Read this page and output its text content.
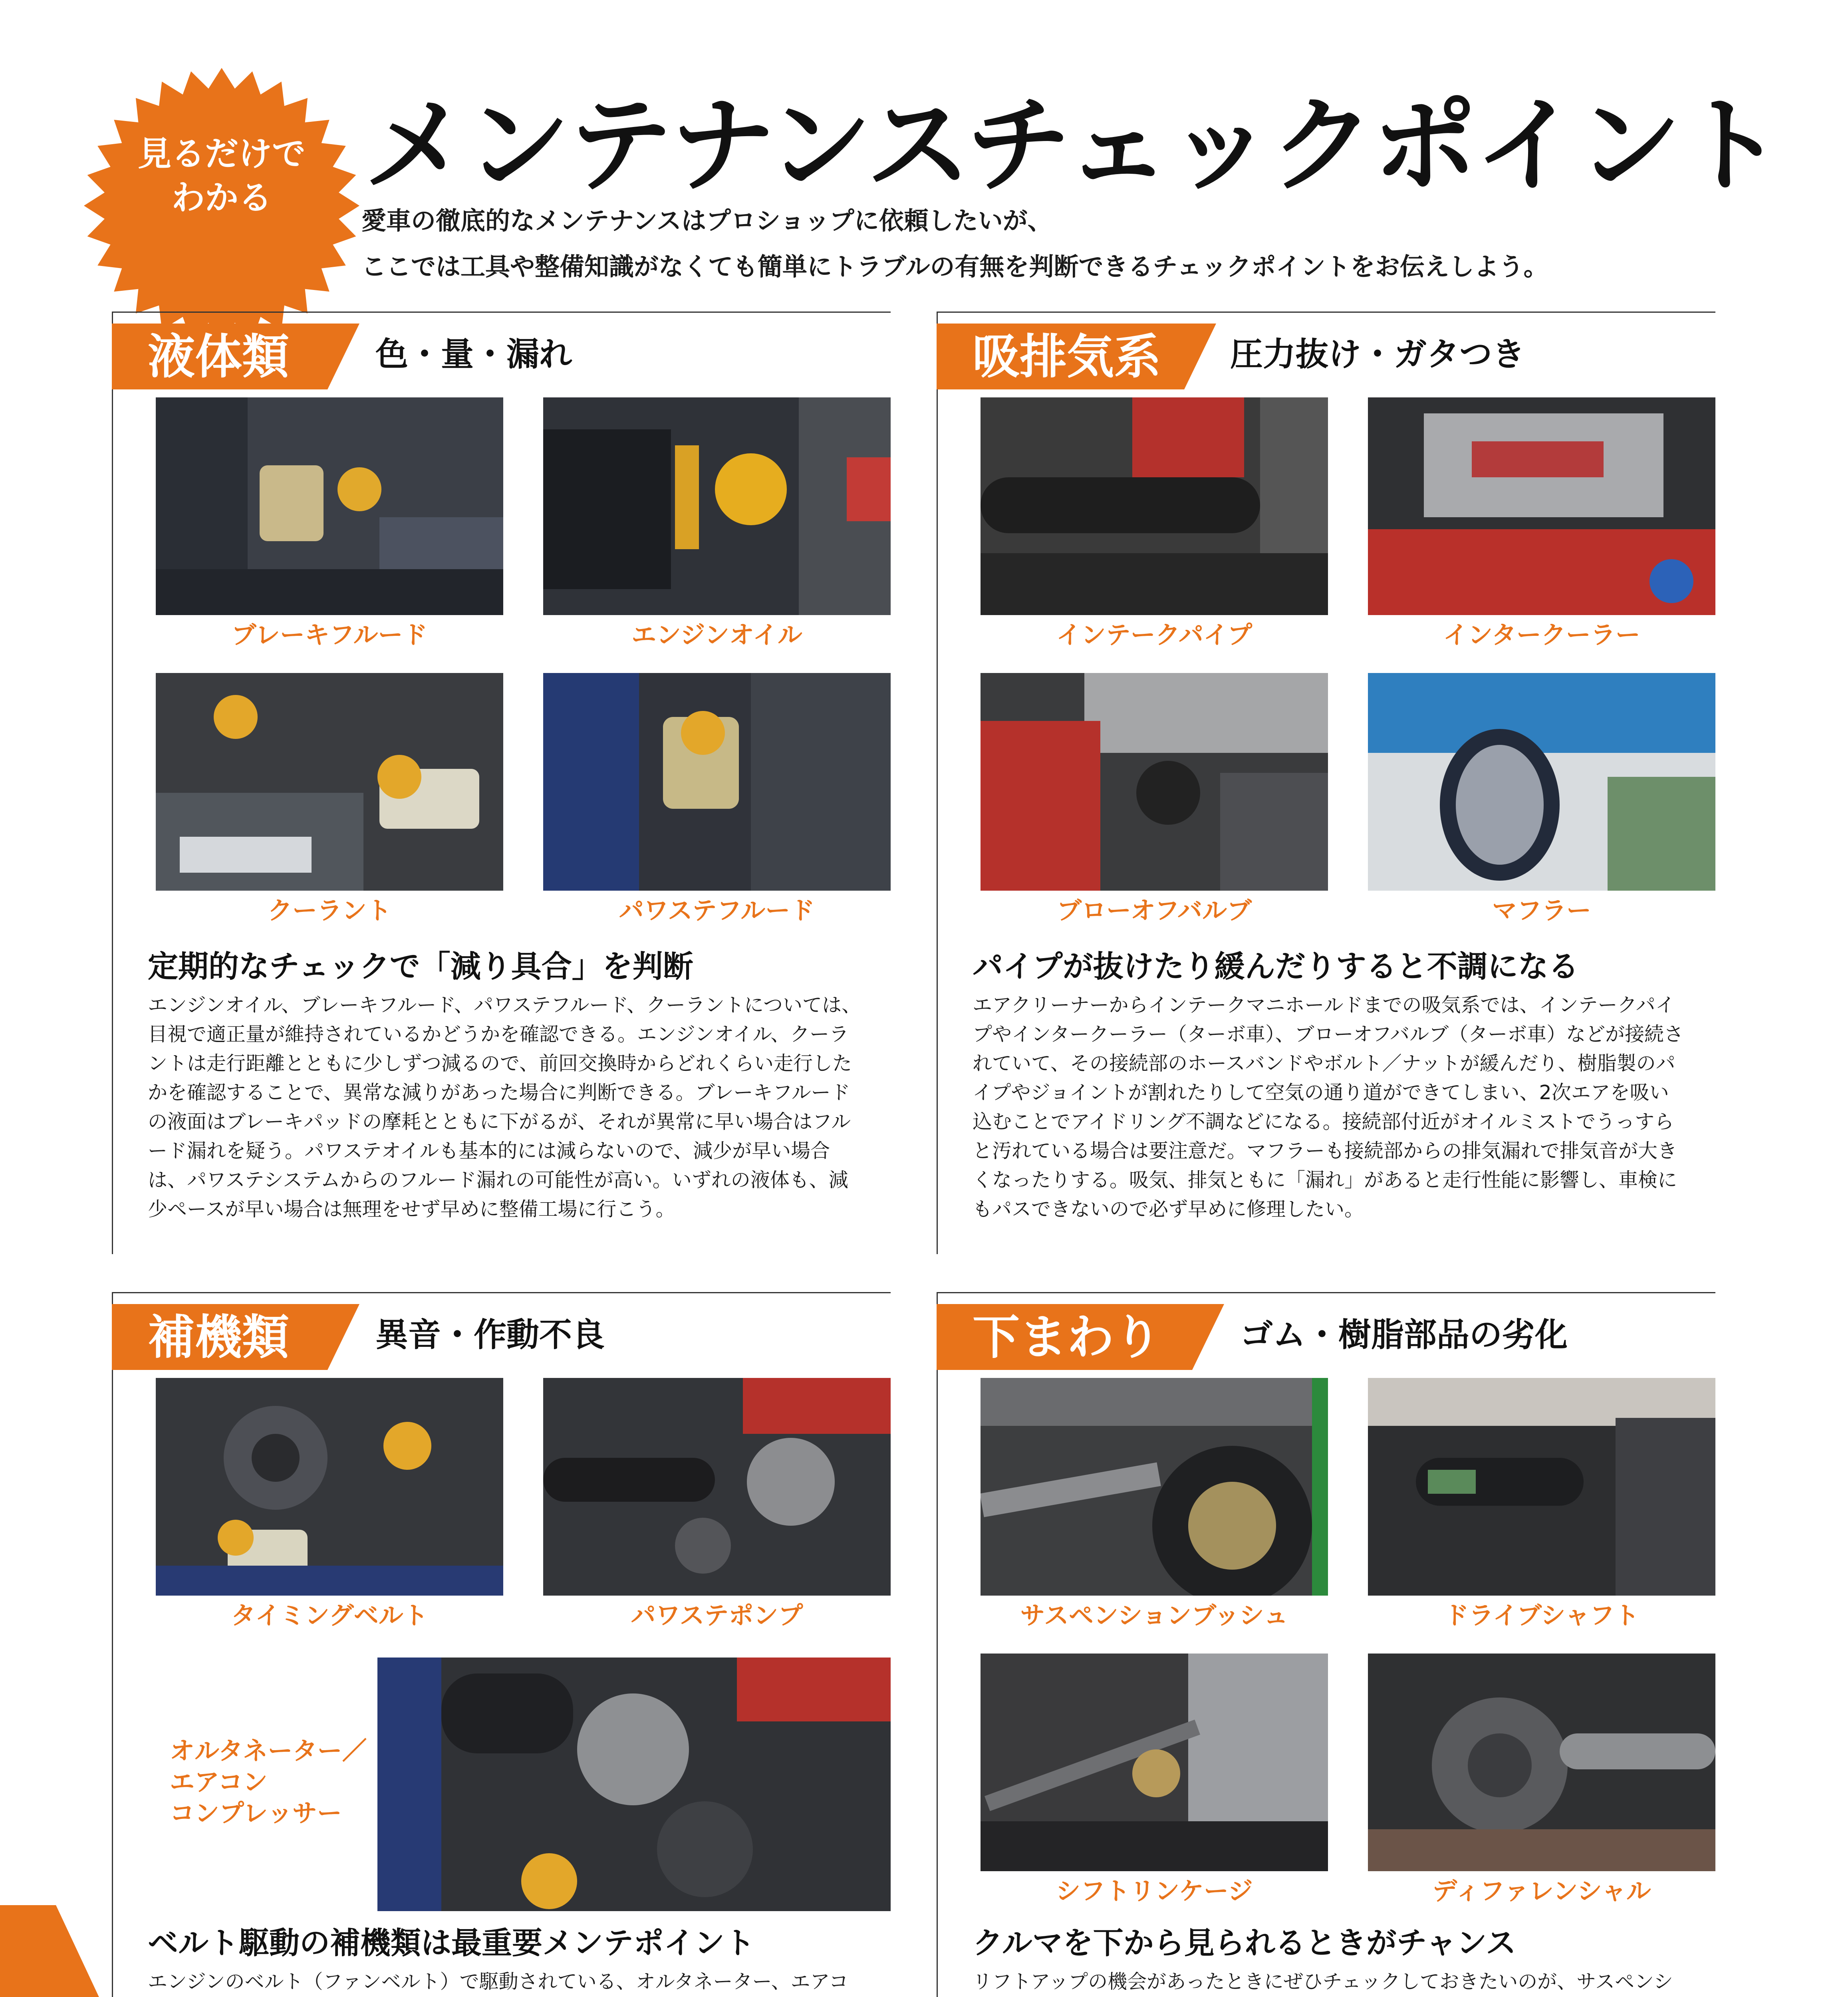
見るだけで
わかる メンテナンスチェックポイント
愛車の徹底的なメンテナンスはプロショップに依頼したいが、
ここでは工具や整備知識がなくても簡単にトラブルの有無を判断できるチェックポイントをお伝えしよう。
液体類	色・量・漏れ
ブレーキフルード	エンジンオイル
クーラント	パワステフルード
定期的なチェックで「減り具合」を判断
エンジンオイル、ブレーキフルード、パワステフルード、クーラントについては、目視で適正量が維持されているかどうかを確認できる。エンジンオイル、クーラントは走行距離とともに少しずつ減るので、前回交換時からどれくらい走行したかを確認することで、異常な減りがあった場合に判断できる。ブレーキフルードの液面はブレーキパッドの摩耗とともに下がるが、それが異常に早い場合はフルード漏れを疑う。パワステオイルも基本的には減らないので、減少が早い場合は、パワステシステムからのフルード漏れの可能性が高い。いずれの液体も、減少ペースが早い場合は無理をせず早めに整備工場に行こう。
吸排気系 圧力抜け・ガタつき
インテークパイプ	インタークーラー
ブローオフバルブ	マフラー
パイプが抜けたり緩んだりすると不調になる
エアクリーナーからインテークマニホールドまでの吸気系では、インテークパイプやインタークーラー（ターボ車）、ブローオフバルブ（ターボ車）などが接続されていて、その接続部のホースバンドやボルト／ナットが緩んだり、樹脂製のパイプやジョイントが割れたりして空気の通り道ができてしまい、2次エアを吸い込むことでアイドリング不調などになる。接続部付近がオイルミストでうっすらと汚れている場合は要注意だ。マフラーも接続部からの排気漏れで排気音が大きくなったりする。吸気、排気ともに「漏れ」があると走行性能に影響し、車検にもパスできないので必ず早めに修理したい。
補機類	異音・作動不良
タイミングベルト	パワステポンプ
オルタネーター／
エアコン
コンプレッサー
ベルト駆動の補機類は最重要メンテポイント
エンジンのベルト（ファンベルト）で駆動されている、オルタネーター、エアコ
下まわり ゴム・樹脂部品の劣化
サスペンションブッシュ	ドライブシャフト
シフトリンケージ	ディファレンシャル
クルマを下から見られるときがチャンス
リフトアップの機会があったときにぜひチェックしておきたいのが、サスペンシ
